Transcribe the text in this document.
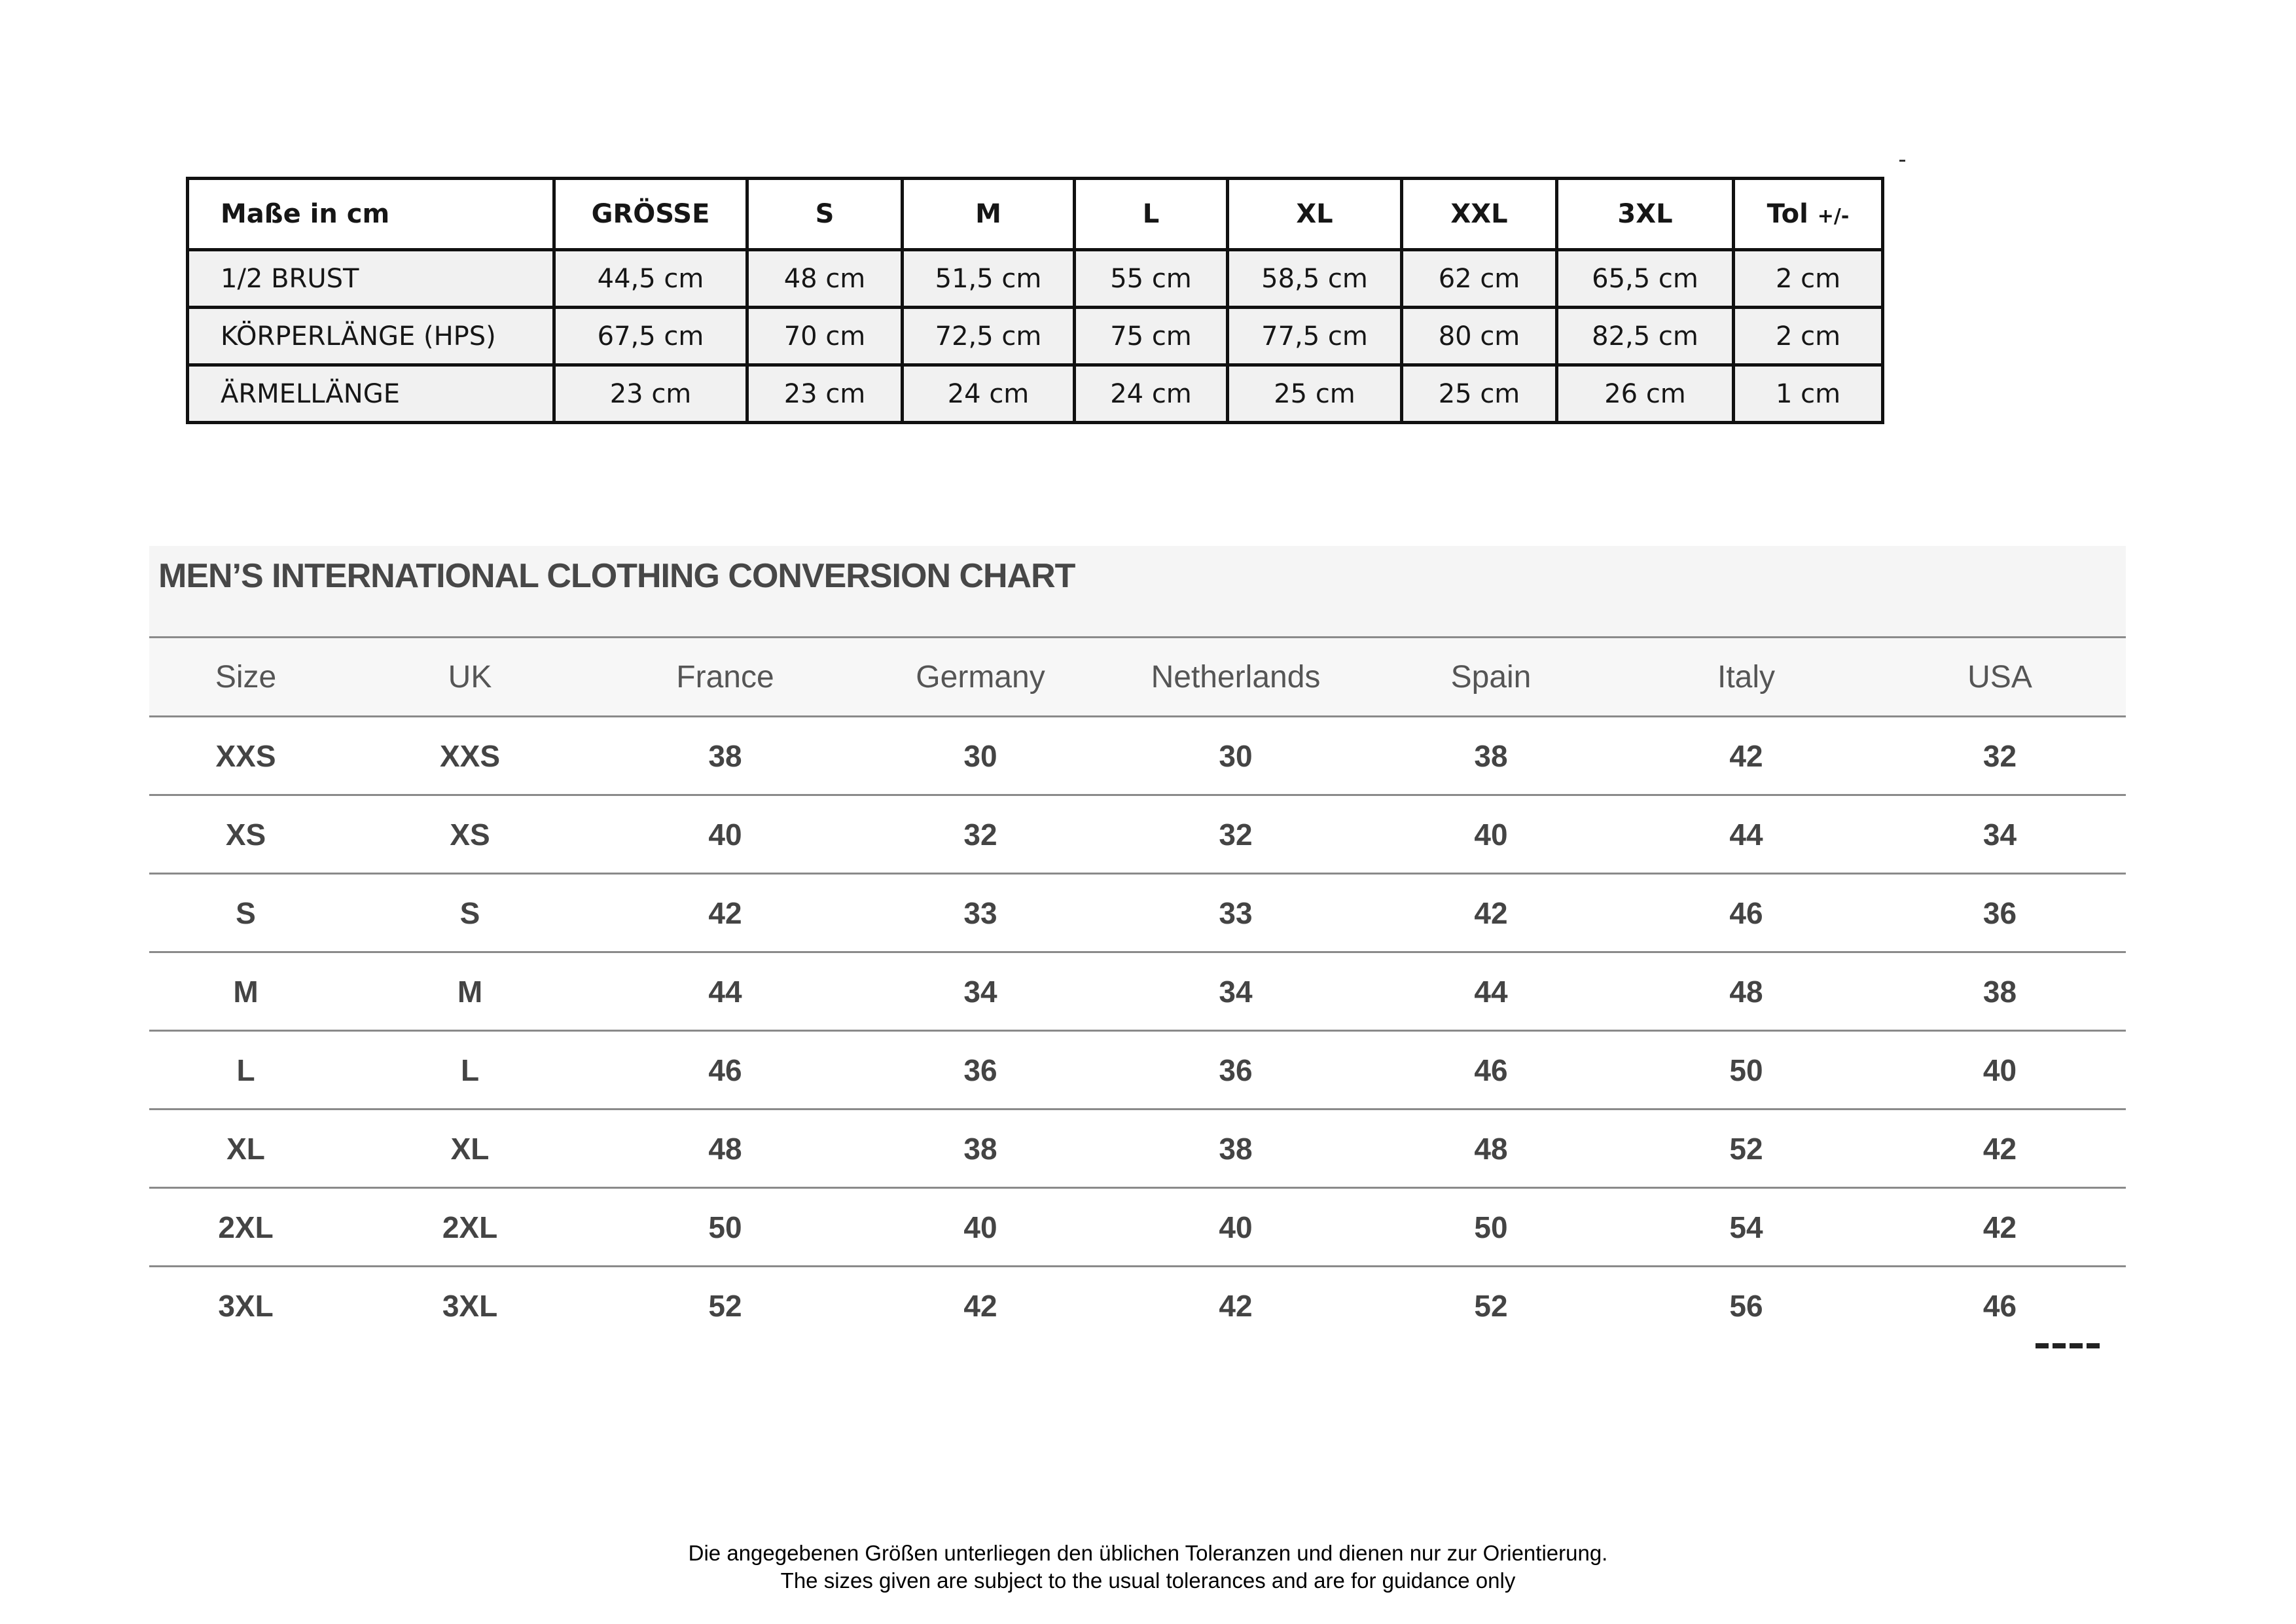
Maße in cm	GRÖSSE	S	M	L	XL	XXL	3XL	Tol +/-
1/2 BRUST	44,5 cm	48 cm	51,5 cm	55 cm	58,5 cm	62 cm	65,5 cm	2 cm
KÖRPERLÄNGE (HPS)	67,5 cm	70 cm	72,5 cm	75 cm	77,5 cm	80 cm	82,5 cm	2 cm
ÄRMELLÄNGE	23 cm	23 cm	24 cm	24 cm	25 cm	25 cm	26 cm	1 cm
MEN’S INTERNATIONAL CLOTHING CONVERSION CHART
Size	UK	France	Germany	Netherlands	Spain	Italy	USA
XXS	XXS	38	30	30	38	42	32
XS	XS	40	32	32	40	44	34
S	S	42	33	33	42	46	36
M	M	44	34	34	44	48	38
L	L	46	36	36	46	50	40
XL	XL	48	38	38	48	52	42
2XL	2XL	50	40	40	50	54	42
3XL	3XL	52	42	42	52	56	46
Die angegebenen Größen unterliegen den üblichen Toleranzen und dienen nur zur Orientierung.
The sizes given are subject to the usual tolerances and are for guidance only
